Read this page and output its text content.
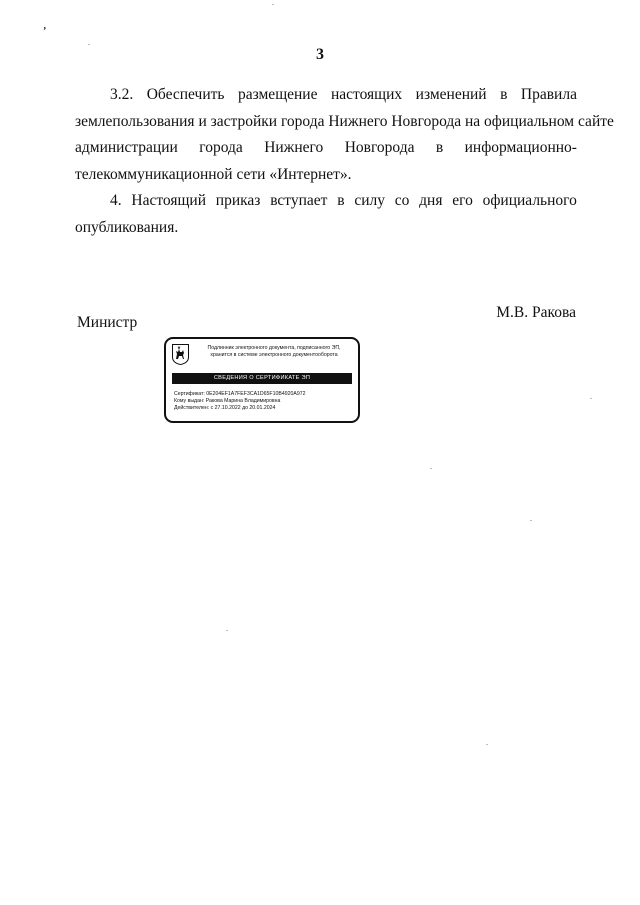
’
3
3.2. Обеспечить размещение настоящих изменений в Правила
землепользования и застройки города Нижнего Новгорода на официальном сайте
администрации города Нижнего Новгорода в информационно-
телекоммуникационной сети «Интернет».
4. Настоящий приказ вступает в силу со дня его официального
опубликования.
Министр
М.В. Ракова
Подлинник электронного документа, подписанного ЭП,
хранится в системе электронного документооборота
СВЕДЕНИЯ О СЕРТИФИКАТЕ ЭП
Сертификат: 0E204EF1A7FEF3CA1D65F10B4920A972
Кому выдан: Ракова Марина Владимировна
Действителен: с 27.10.2022 до 20.01.2024
